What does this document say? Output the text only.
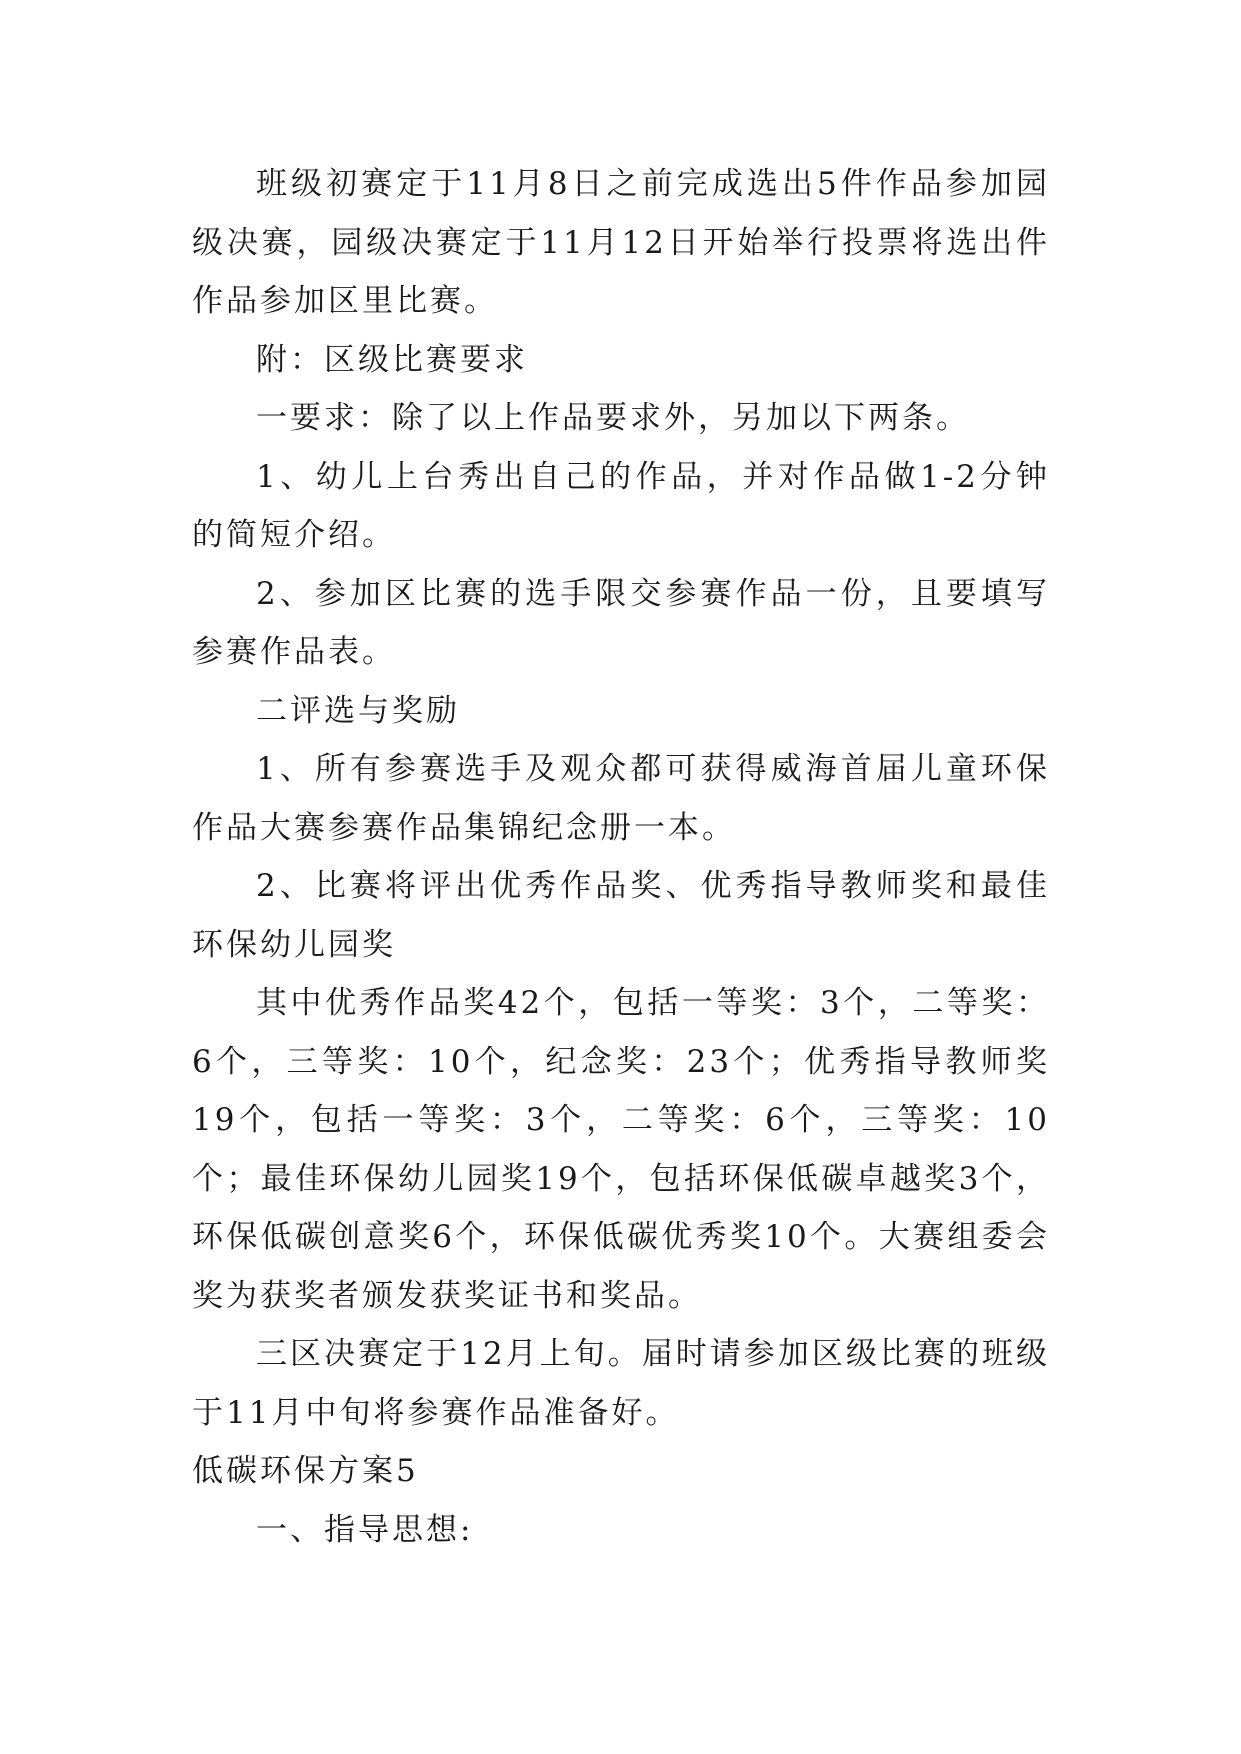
班级初赛定于11月8日之前完成选出5件作品参加园级决赛，园级决赛定于11月12日开始举行投票将选出件作品参加区里比赛。

附：区级比赛要求

一要求：除了以上作品要求外，另加以下两条。

1、幼儿上台秀出自己的作品，并对作品做1-2分钟的简短介绍。

2、参加区比赛的选手限交参赛作品一份，且要填写参赛作品表。

二评选与奖励

1、所有参赛选手及观众都可获得威海首届儿童环保作品大赛参赛作品集锦纪念册一本。

2、比赛将评出优秀作品奖、优秀指导教师奖和最佳环保幼儿园奖

其中优秀作品奖42个，包括一等奖：3个，二等奖：6个，三等奖：10个，纪念奖：23个；优秀指导教师奖19个，包括一等奖：3个，二等奖：6个，三等奖：10个；最佳环保幼儿园奖19个，包括环保低碳卓越奖3个，环保低碳创意奖6个，环保低碳优秀奖10个。大赛组委会奖为获奖者颁发获奖证书和奖品。

三区决赛定于12月上旬。届时请参加区级比赛的班级于11月中旬将参赛作品准备好。

低碳环保方案5

一、指导思想:
